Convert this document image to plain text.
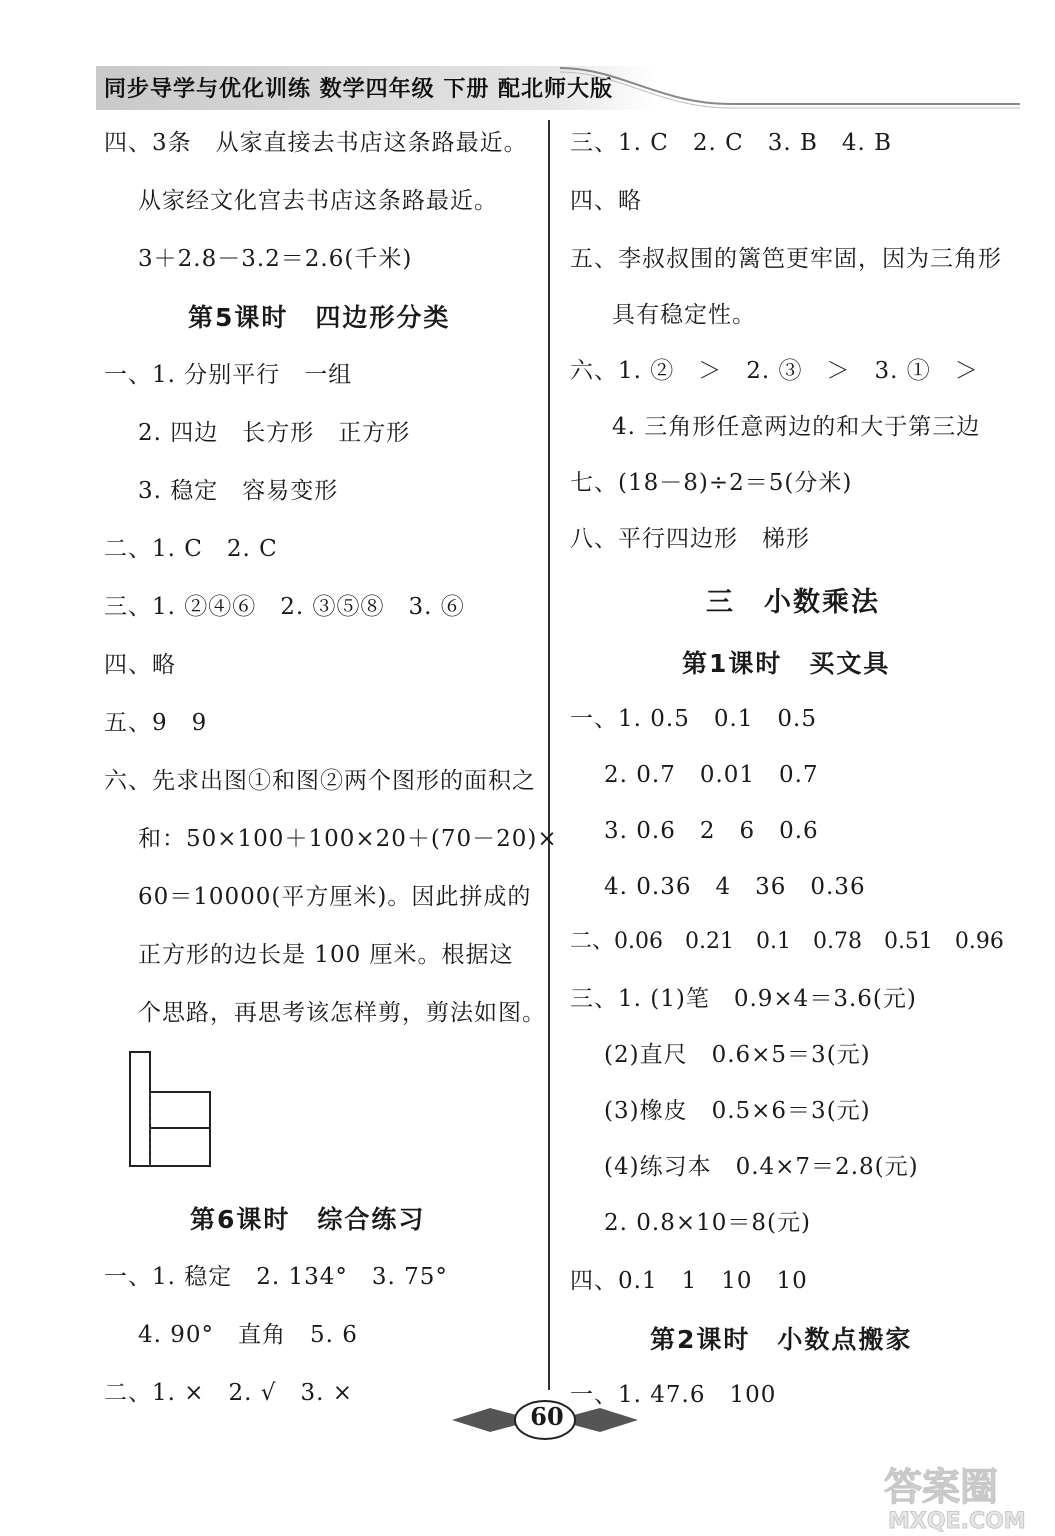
同步导学与优化训练 数学四年级 下册 配北师大版
四、3条　从家直接去书店这条路最近。
从家经文化宫去书店这条路最近。
3＋2.8－3.2＝2.6(千米)
第5课时　四边形分类
一、1. 分别平行　一组
2. 四边　长方形　正方形
3. 稳定　容易变形
二、1. C　2. C
三、1. ②④⑥　2. ③⑤⑧　3. ⑥
四、略
五、9　9
六、先求出图①和图②两个图形的面积之
和：50×100＋100×20＋(70－20)×
60＝10000(平方厘米)。因此拼成的
正方形的边长是 100 厘米。根据这
个思路，再思考该怎样剪，剪法如图。
第6课时　综合练习
一、1. 稳定　2. 134°　3. 75°
4. 90°　直角　5. 6
二、1. ×　2. √　3. ×
三、1. C　2. C　3. B　4. B
四、略
五、李叔叔围的篱笆更牢固，因为三角形
具有稳定性。
六、1. ②　＞　2. ③　＞　3. ①　＞
4. 三角形任意两边的和大于第三边
七、(18－8)÷2＝5(分米)
八、平行四边形　梯形
三　小数乘法
第1课时　买文具
一、1. 0.5　0.1　0.5
2. 0.7　0.01　0.7
3. 0.6　2　6　0.6
4. 0.36　4　36　0.36
二、0.06　0.21　0.1　0.78　0.51　0.96
三、1. (1)笔　0.9×4＝3.6(元)
(2)直尺　0.6×5＝3(元)
(3)橡皮　0.5×6＝3(元)
(4)练习本　0.4×7＝2.8(元)
2. 0.8×10＝8(元)
四、0.1　1　10　10
第2课时　小数点搬家
一、1. 47.6　100
60
答案圈
MXQE.COM
